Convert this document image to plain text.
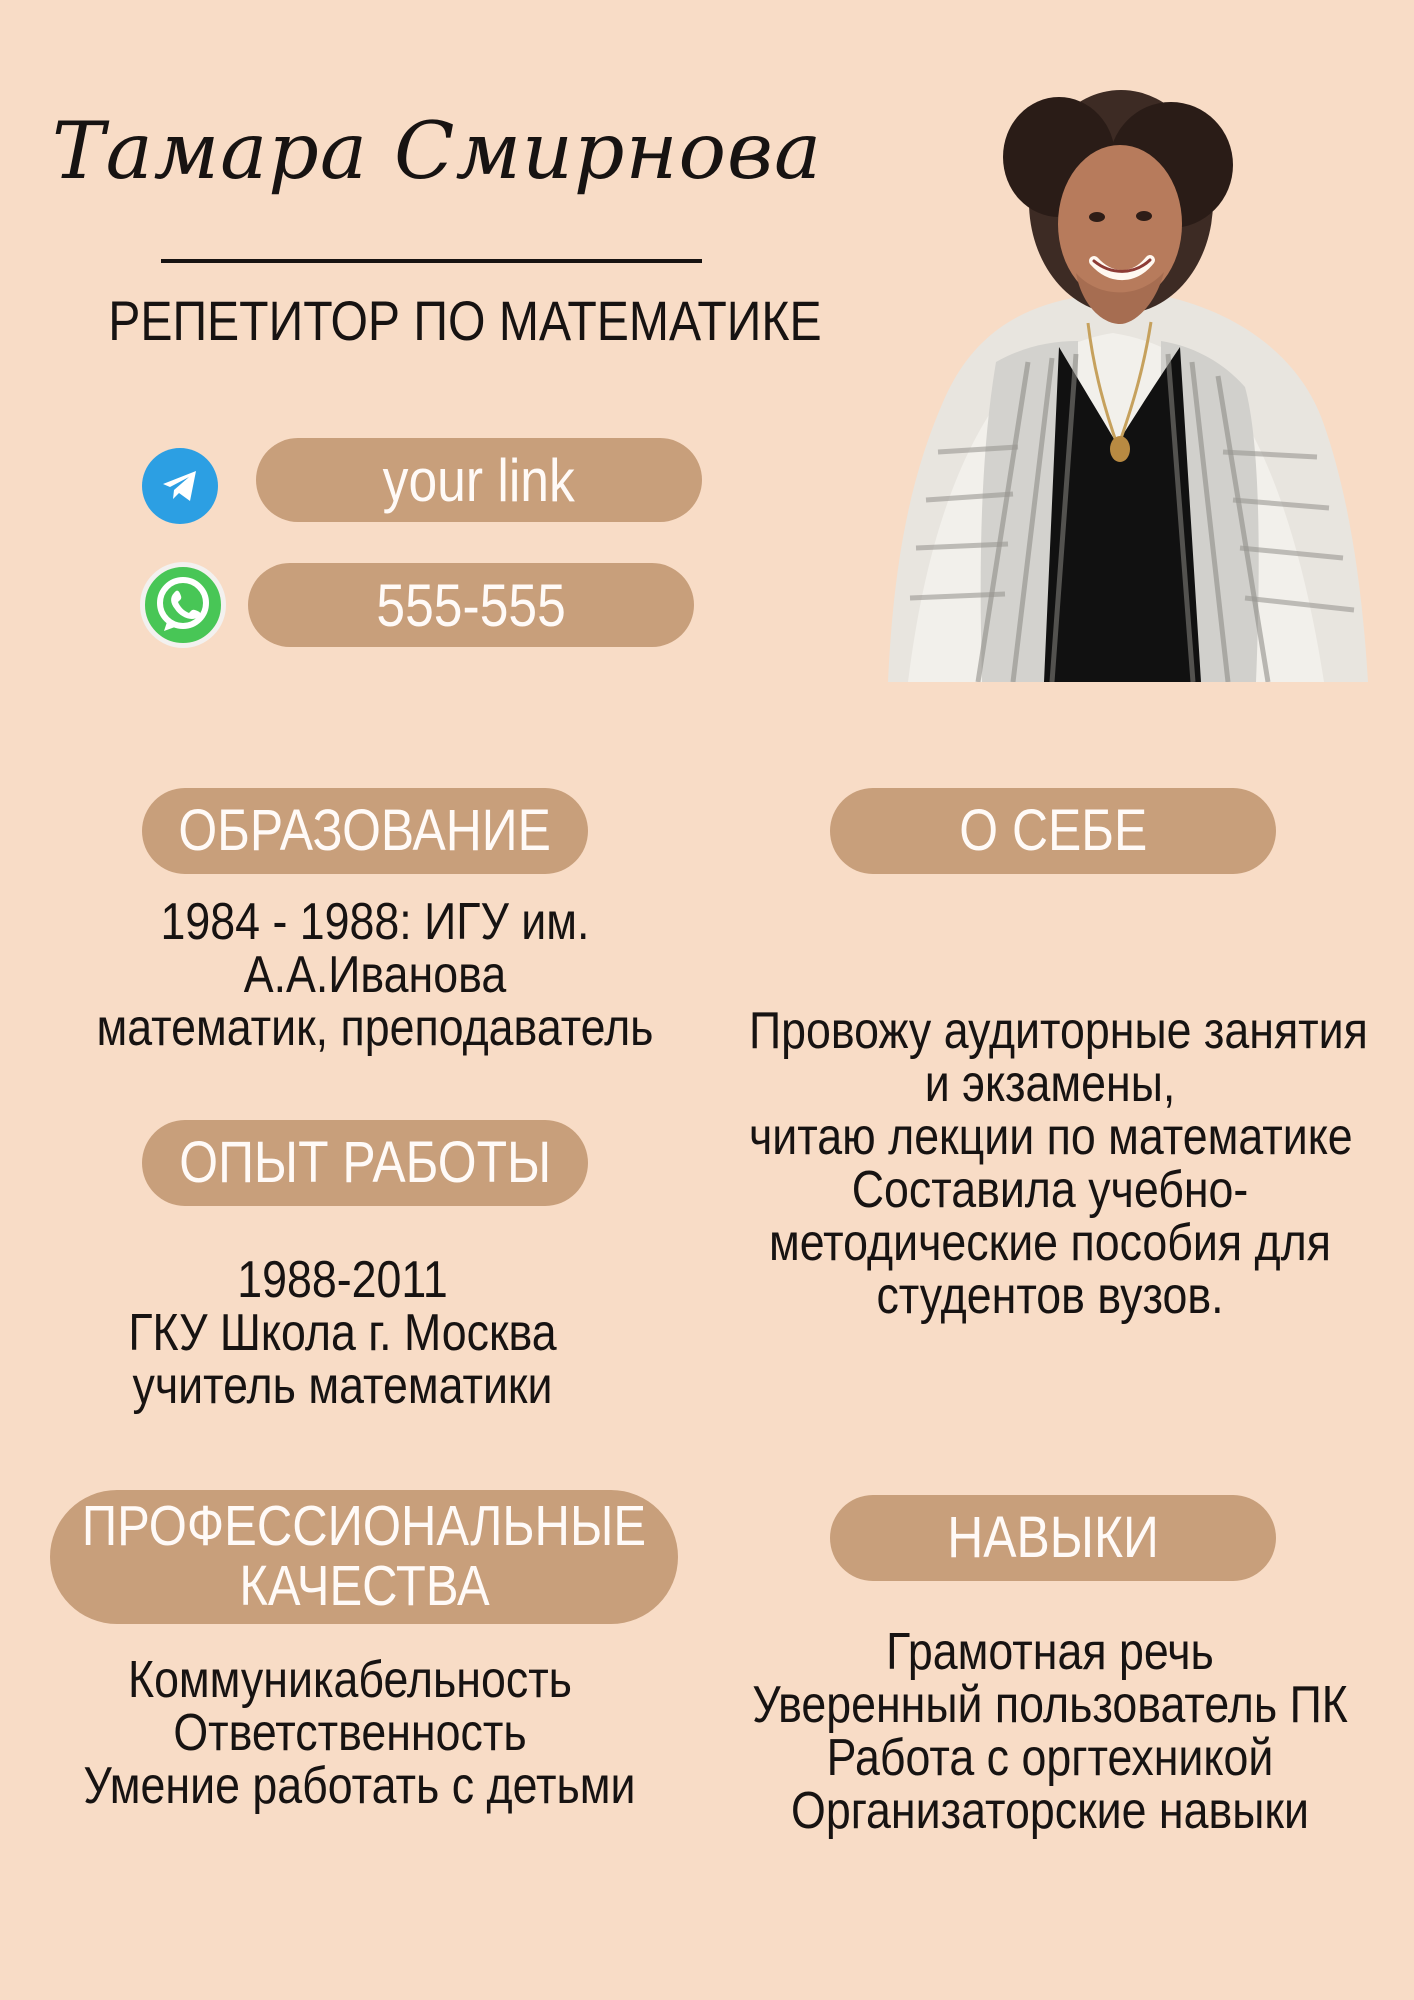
Тамара Смирнова
РЕПЕТИТОР ПО МАТЕМАТИКЕ
your link
555-555
ОБРАЗОВАНИЕ
1984 - 1988: ИГУ им.
А.А.Иванова
математик, преподаватель
О СЕБЕ
Провожу аудиторные занятия
и экзамены,
читаю лекции по математике
Составила учебно-
методические пособия для
студентов вузов.
ОПЫТ РАБОТЫ
1988-2011
ГКУ Школа г. Москва
учитель математики
ПРОФЕССИОНАЛЬНЫЕ
КАЧЕСТВА
Коммуникабельность
Ответственность
Умение работать с детьми
НАВЫКИ
Грамотная речь
Уверенный пользователь ПК
Работа с оргтехникой
Организаторские навыки
